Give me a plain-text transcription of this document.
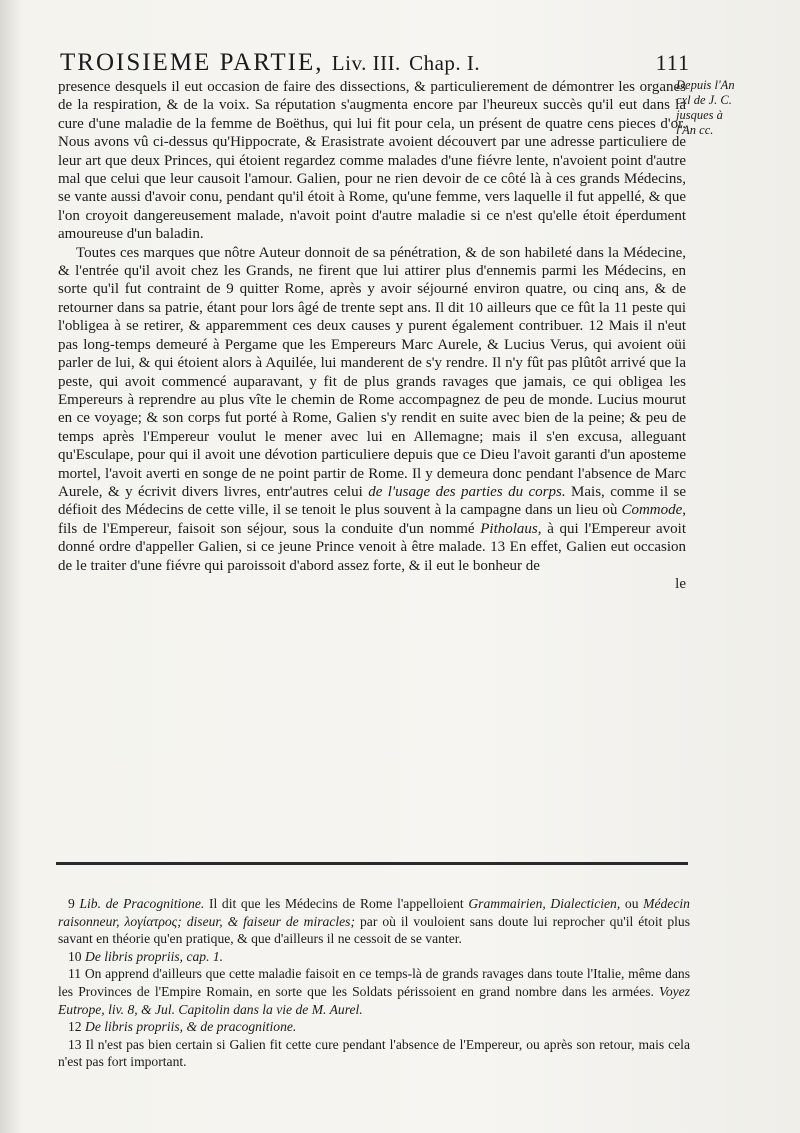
TROISIEME PARTIE, Liv. III. Chap. I.	111
Depuis l'An cxl de J. C. jusques à l'An cc.

presence desquels il eut occasion de faire des dissections, & particulierement de démontrer les organes de la respiration, & de la voix. Sa réputation s'augmenta encore par l'heureux succès qu'il eut dans la cure d'une maladie de la femme de Boëthus, qui lui fit pour cela, un présent de quatre cens pieces d'or. Nous avons vû ci-dessus qu'Hippocrate, & Erasistrate avoient découvert par une adresse particuliere de leur art que deux Princes, qui étoient regardez comme malades d'une fiévre lente, n'avoient point d'autre mal que celui que leur causoit l'amour. Galien, pour ne rien devoir de ce côté là à ces grands Médecins, se vante aussi d'avoir conu, pendant qu'il étoit à Rome, qu'une femme, vers laquelle il fut appellé, & que l'on croyoit dangereusement malade, n'avoit point d'autre maladie si ce n'est qu'elle étoit éperdument amoureuse d'un baladin.

Toutes ces marques que nôtre Auteur donnoit de sa pénétration, & de son habileté dans la Médecine, & l'entrée qu'il avoit chez les Grands, ne firent que lui attirer plus d'ennemis parmi les Médecins, en sorte qu'il fut contraint de 9 quitter Rome, après y avoir séjourné environ quatre, ou cinq ans, & de retourner dans sa patrie, étant pour lors âgé de trente sept ans. Il dit 10 ailleurs que ce fût la 11 peste qui l'obligea à se retirer, & apparemment ces deux causes y purent également contribuer. 12 Mais il n'eut pas long-temps demeuré à Pergame que les Empereurs Marc Aurele, & Lucius Verus, qui avoient oüi parler de lui, & qui étoient alors à Aquilée, lui manderent de s'y rendre. Il n'y fût pas plûtôt arrivé que la peste, qui avoit commencé auparavant, y fit de plus grands ravages que jamais, ce qui obligea les Empereurs à reprendre au plus vîte le chemin de Rome accompagnez de peu de monde. Lucius mourut en ce voyage; & son corps fut porté à Rome, Galien s'y rendit en suite avec bien de la peine; & peu de temps après l'Empereur voulut le mener avec lui en Allemagne; mais il s'en excusa, alleguant qu'Esculape, pour qui il avoit une dévotion particuliere depuis que ce Dieu l'avoit garanti d'un aposteme mortel, l'avoit averti en songe de ne point partir de Rome. Il y demeura donc pendant l'absence de Marc Aurele, & y écrivit divers livres, entr'autres celui de l'usage des parties du corps. Mais, comme il se défioit des Médecins de cette ville, il se tenoit le plus souvent à la campagne dans un lieu où Commode, fils de l'Empereur, faisoit son séjour, sous la conduite d'un nommé Pitholaus, à qui l'Empereur avoit donné ordre d'appeller Galien, si ce jeune Prince venoit à être malade. 13 En effet, Galien eut occasion de le traiter d'une fiévre qui paroissoit d'abord assez forte, & il eut le bonheur de

le

9 Lib. de Pracognitione. Il dit que les Médecins de Rome l'appelloient Grammairien, Dialecticien, ou Médecin raisonneur, λογίατρος; diseur, & faiseur de miracles; par où il vouloient sans doute lui reprocher qu'il étoit plus savant en théorie qu'en pratique, & que d'ailleurs il ne cessoit de se vanter.

10 De libris propriis, cap. 1.

11 On apprend d'ailleurs que cette maladie faisoit en ce temps-là de grands ravages dans toute l'Italie, même dans les Provinces de l'Empire Romain, en sorte que les Soldats périssoient en grand nombre dans les armées. Voyez Eutrope, liv. 8, & Jul. Capitolin dans la vie de M. Aurel.

12 De libris propriis, & de pracognitione.

13 Il n'est pas bien certain si Galien fit cette cure pendant l'absence de l'Empereur, ou après son retour, mais cela n'est pas fort important.
